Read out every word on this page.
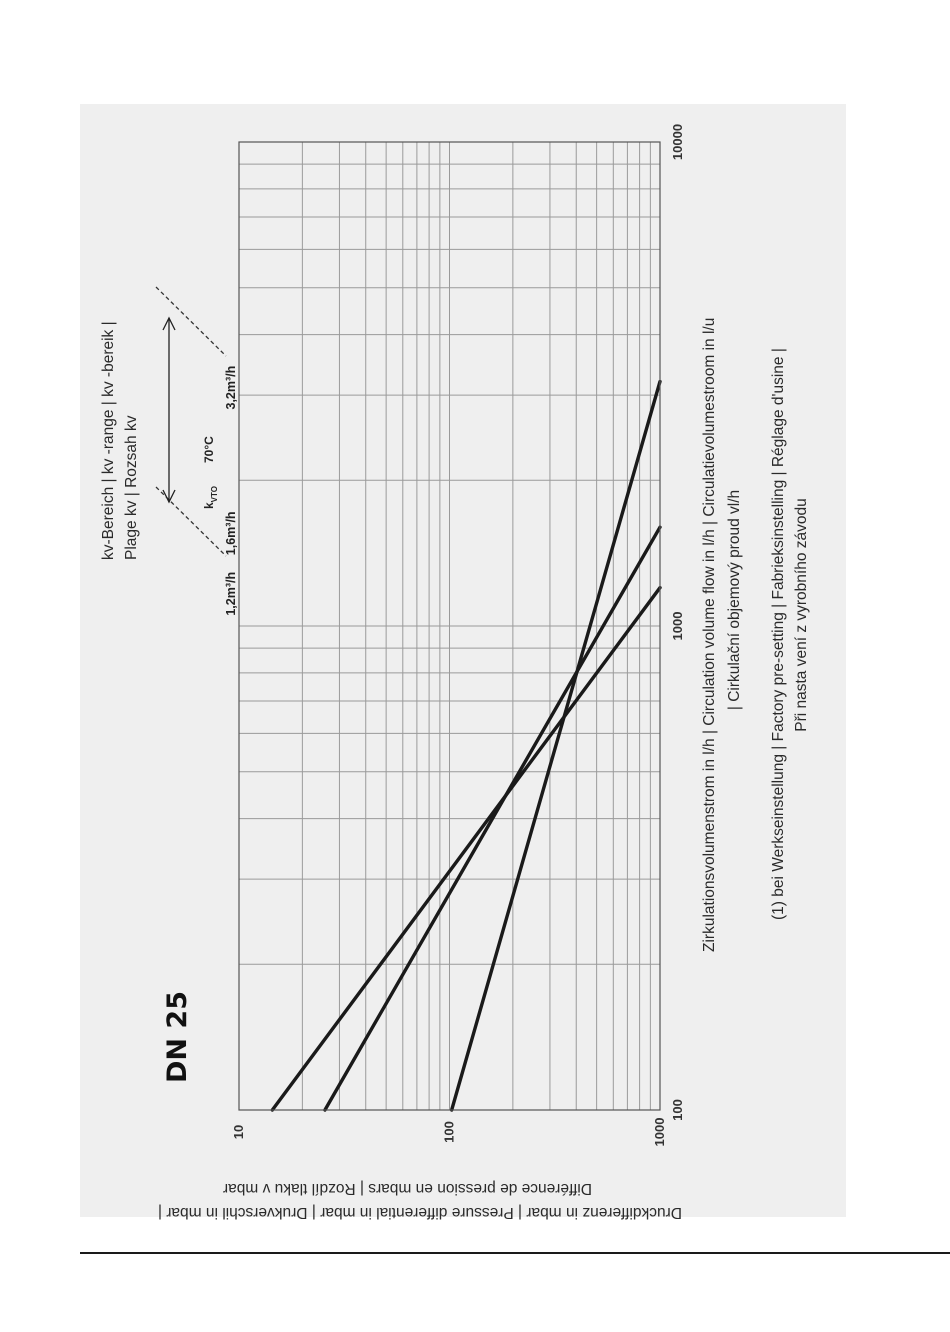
100
1000
10000
10	100	1000
DN 25
Zirkulationsvolumenstrom in l/h | Circulation volume flow in l/h | Circulatievolumestroom in l/u | Cirkulační objemový proud vl/h
Druckdifferenz in mbar | Pressure differential in mbar | Drukverschil in mbar |
Différence de pression en mbars | Rozdíl tlaku v mbar
(1) bei Werkseinstellung | Factory pre-setting | Fabrieksinstelling | Réglage d'usine | Při nasta vení z vyrobního závodu
kv-Bereich | kv -range | kv -bereik | Plage kv | Rozsah kv	$k_{VTO}$
70°C
1,2m³/h
1,6m³/h
3,2m³/h
